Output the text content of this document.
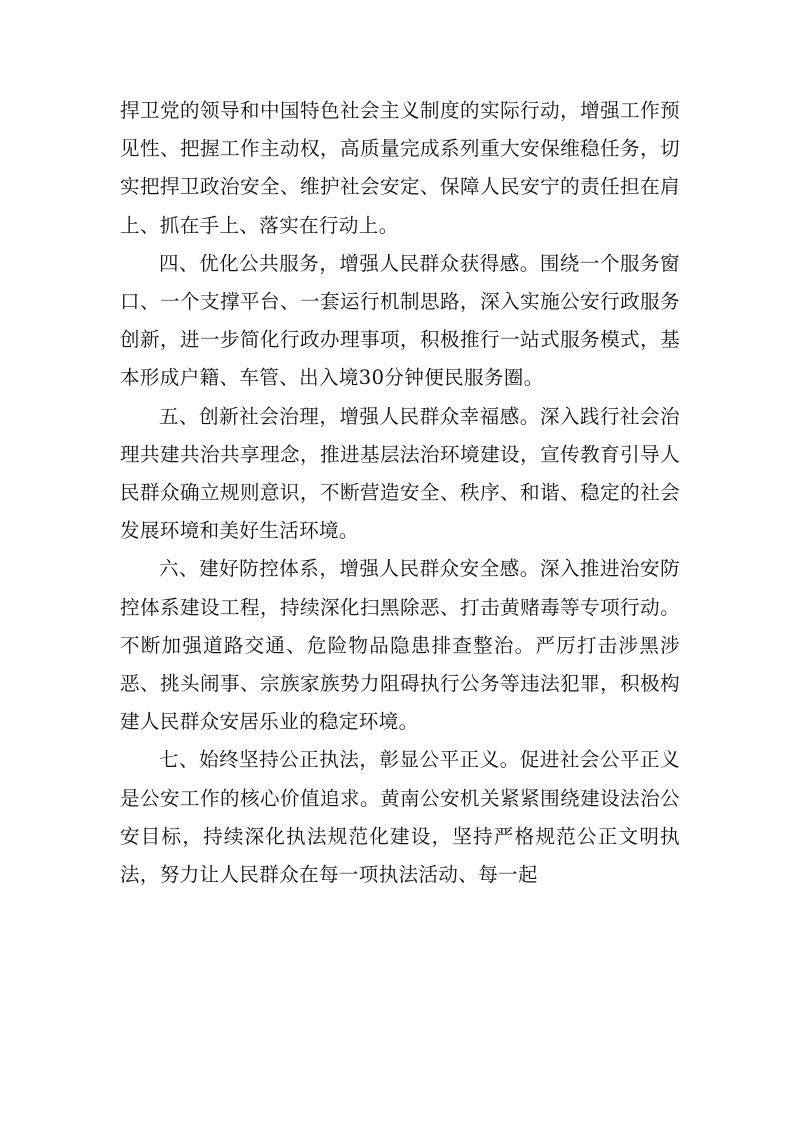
捍卫党的领导和中国特色社会主义制度的实际行动，增强工作预见性、把握工作主动权，高质量完成系列重大安保维稳任务，切实把捍卫政治安全、维护社会安定、保障人民安宁的责任担在肩上、抓在手上、落实在行动上。

四、优化公共服务，增强人民群众获得感。围绕一个服务窗口、一个支撑平台、一套运行机制思路，深入实施公安行政服务创新，进一步简化行政办理事项，积极推行一站式服务模式，基本形成户籍、车管、出入境30分钟便民服务圈。

五、创新社会治理，增强人民群众幸福感。深入践行社会治理共建共治共享理念，推进基层法治环境建设，宣传教育引导人民群众确立规则意识，不断营造安全、秩序、和谐、稳定的社会发展环境和美好生活环境。

六、建好防控体系，增强人民群众安全感。深入推进治安防控体系建设工程，持续深化扫黑除恶、打击黄赌毒等专项行动。不断加强道路交通、危险物品隐患排查整治。严厉打击涉黑涉恶、挑头闹事、宗族家族势力阻碍执行公务等违法犯罪，积极构建人民群众安居乐业的稳定环境。

七、始终坚持公正执法，彰显公平正义。促进社会公平正义是公安工作的核心价值追求。黄南公安机关紧紧围绕建设法治公安目标，持续深化执法规范化建设，坚持严格规范公正文明执法，努力让人民群众在每一项执法活动、每一起
